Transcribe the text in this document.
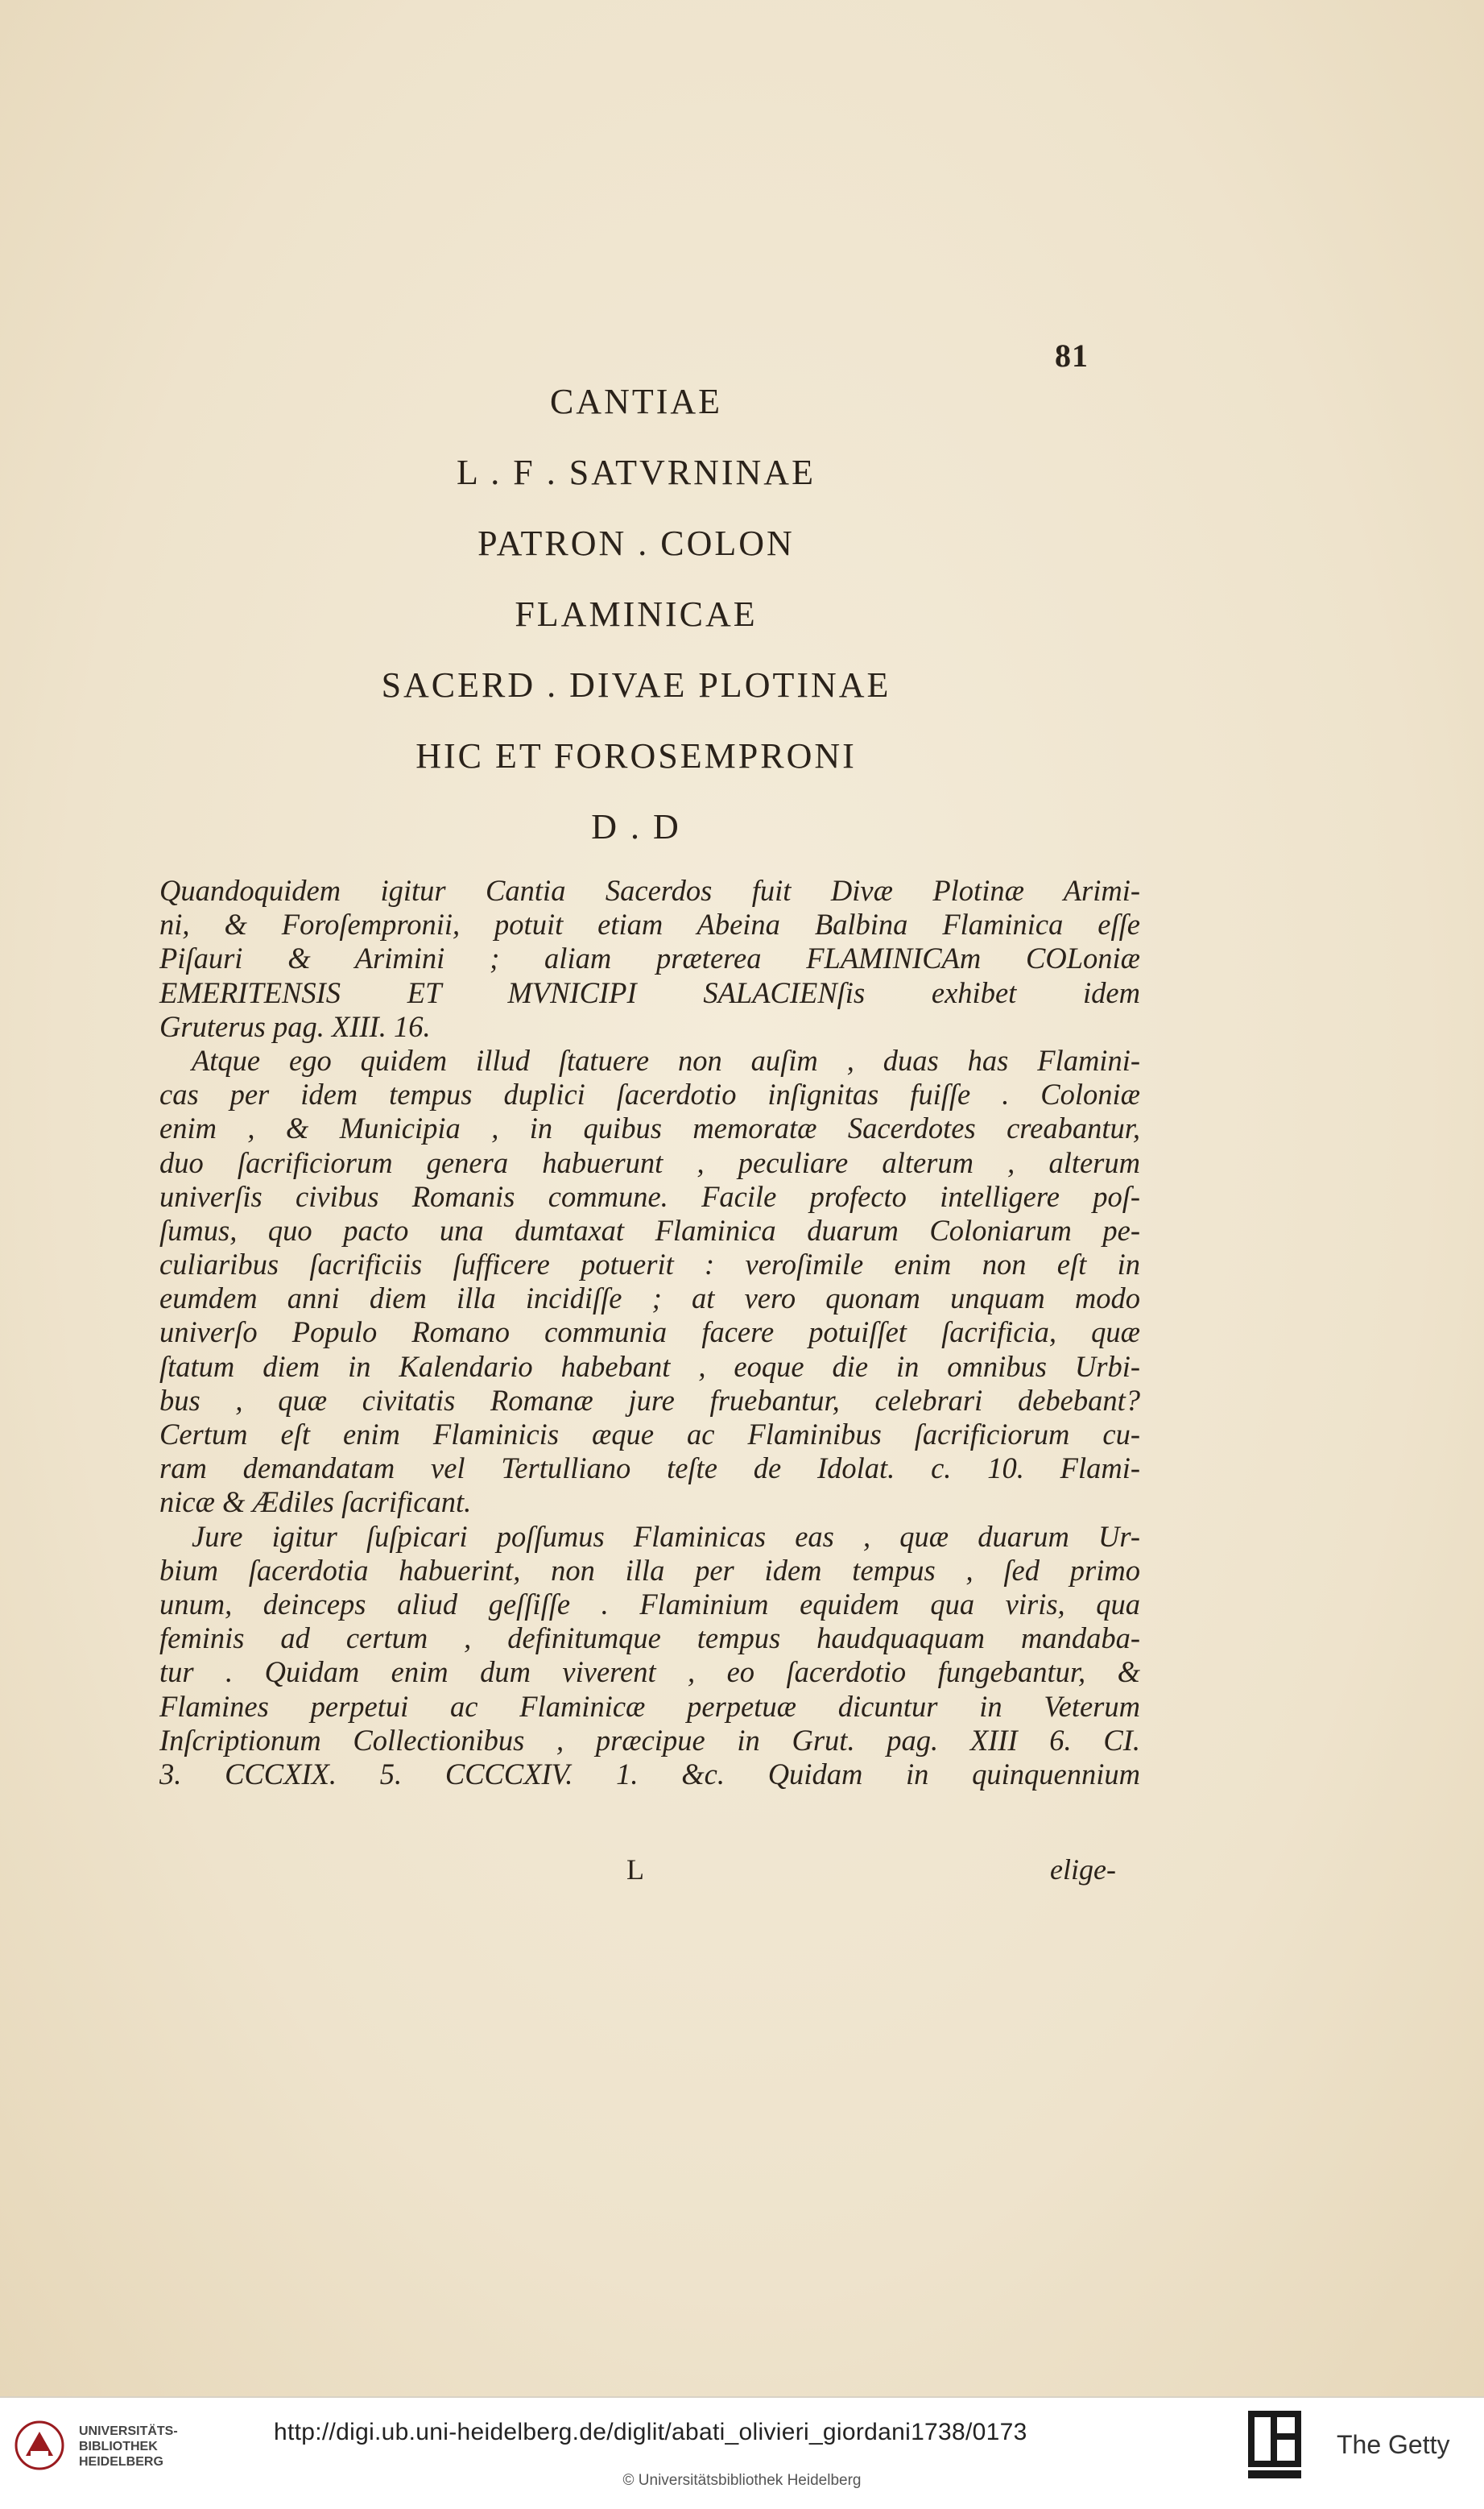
81
CANTIAE
L . F . SATVRNINAE
PATRON . COLON
FLAMINICAE
SACERD . DIVAE PLOTINAE
HIC ET FOROSEMPRONI
D . D
Quandoquidem igitur Cantia Sacerdos fuit Divæ Plotinæ Arimi-
ni, & Foroſempronii, potuit etiam Abeina Balbina Flaminica eſſe
Piſauri & Arimini ; aliam præterea FLAMINICAm COLoniæ
EMERITENSIS ET MVNICIPI SALACIENſis exhibet idem
Gruterus pag. XIII. 16.
Atque ego quidem illud ſtatuere non auſim , duas has Flamini-
cas per idem tempus duplici ſacerdotio inſignitas fuiſſe . Coloniæ
enim , & Municipia , in quibus memoratæ Sacerdotes creabantur,
duo ſacrificiorum genera habuerunt , peculiare alterum , alterum
univerſis civibus Romanis commune. Facile profecto intelligere poſ-
ſumus, quo pacto una dumtaxat Flaminica duarum Coloniarum pe-
culiaribus ſacrificiis ſufficere potuerit : veroſimile enim non eſt in
eumdem anni diem illa incidiſſe ; at vero quonam unquam modo
univerſo Populo Romano communia facere potuiſſet ſacrificia, quæ
ſtatum diem in Kalendario habebant , eoque die in omnibus Urbi-
bus , quæ civitatis Romanæ jure fruebantur, celebrari debebant?
Certum eſt enim Flaminicis æque ac Flaminibus ſacrificiorum cu-
ram demandatam vel Tertulliano teſte de Idolat. c. 10. Flami-
nicæ & Ædiles ſacrificant.
Jure igitur ſuſpicari poſſumus Flaminicas eas , quæ duarum Ur-
bium ſacerdotia habuerint, non illa per idem tempus , ſed primo
unum, deinceps aliud geſſiſſe . Flaminium equidem qua viris, qua
feminis ad certum , definitumque tempus haudquaquam mandaba-
tur . Quidam enim dum viverent , eo ſacerdotio fungebantur, &
Flamines perpetui ac Flaminicæ perpetuæ dicuntur in Veterum
Inſcriptionum Collectionibus , præcipue in Grut. pag. XIII 6. CI.
3. CCCXIX. 5. CCCCXIV. 1. &c. Quidam in quinquennium
L	elige-
UNIVERSITÄTS-
BIBLIOTHEK
HEIDELBERG
http://digi.ub.uni-heidelberg.de/diglit/abati_olivieri_giordani1738/0173
© Universitätsbibliothek Heidelberg
The Getty
